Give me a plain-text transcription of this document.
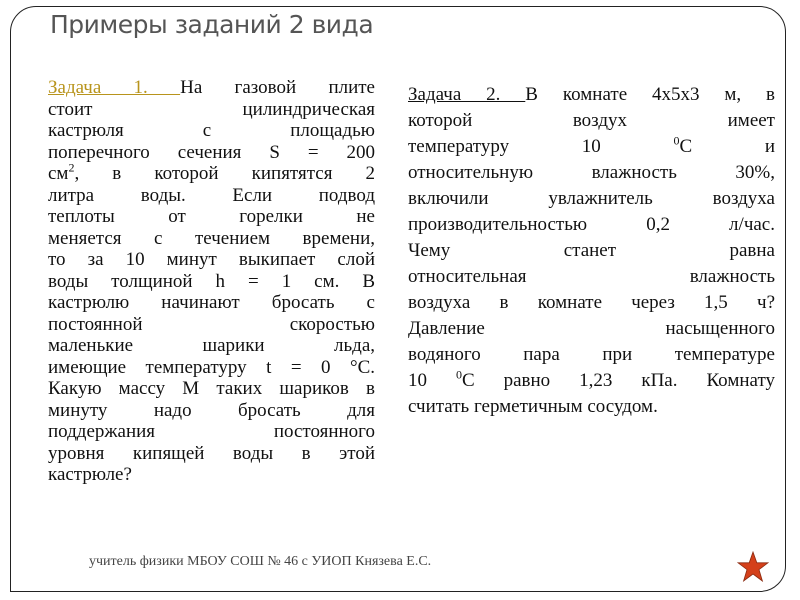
Примеры заданий 2 вида
Задача 1. На газовой плите
стоит цилиндрическая
кастрюля с площадью
поперечного сечения S = 200
$см^2$, в которой кипятятся 2
литра воды. Если подвод
теплоты от горелки не
меняется с течением времени,
то за 10 минут выкипает слой
воды толщиной h = 1 см. В
кастрюлю начинают бросать с
постоянной скоростью
маленькие шарики льда,
имеющие температуру t = 0 °С.
Какую массу M таких шариков в
минуту надо бросать для
поддержания постоянного
уровня кипящей воды в этой
кастрюле?
Задача 2. В комнате 4х5х3 м, в
которой воздух имеет
температуру 10 $^0$С и
относительную влажность 30%,
включили увлажнитель воздуха
производительностью 0,2 л/час.
Чему станет равна
относительная влажность
воздуха в комнате через 1,5 ч?
Давление насыщенного
водяного пара при температуре
10 $^0$С равно 1,23 кПа. Комнату
считать герметичным сосудом.
учитель физики МБОУ СОШ № 46 с УИОП Князева Е.С.
